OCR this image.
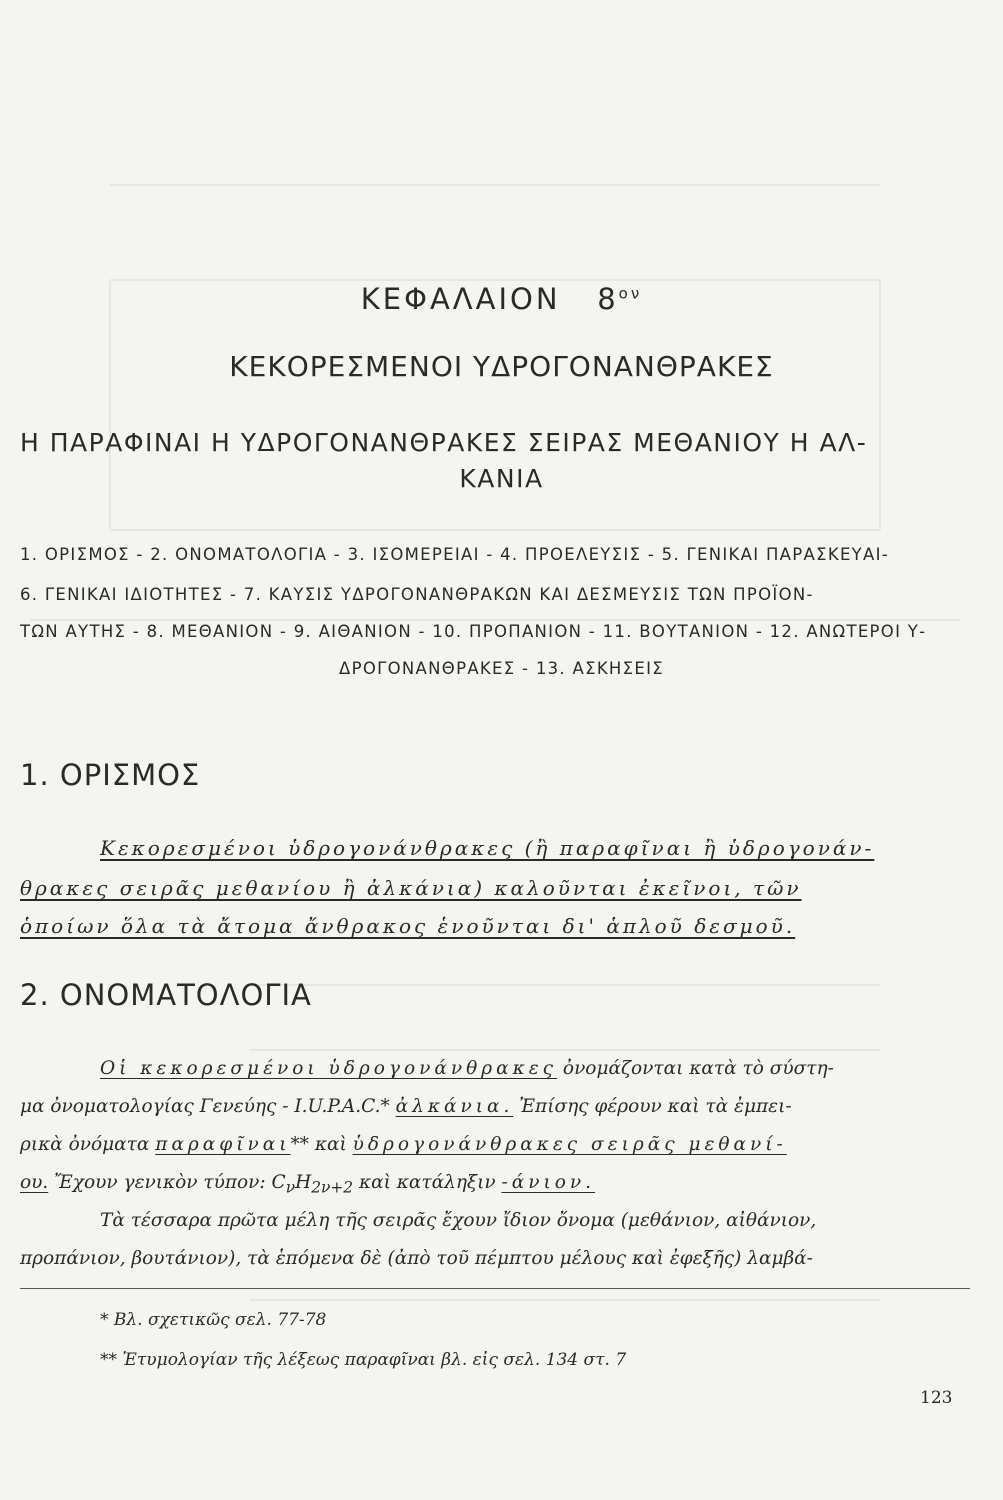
ΚΕΦΑΛΑΙΟΝ $8^{o\nu}$
ΚΕΚΟΡΕΣΜΕΝΟΙ ΥΔΡΟΓΟΝΑΝΘΡΑΚΕΣ
Η ΠΑΡΑΦΙΝΑΙ Η ΥΔΡΟΓΟΝΑΝΘΡΑΚΕΣ ΣΕΙΡΑΣ ΜΕΘΑΝΙΟΥ Η ΑΛ-
ΚΑΝΙΑ
1. ΟΡΙΣΜΟΣ - 2. ΟΝΟΜΑΤΟΛΟΓΙΑ - 3. ΙΣΟΜΕΡΕΙΑΙ - 4. ΠΡΟΕΛΕΥΣΙΣ - 5. ΓΕΝΙΚΑΙ ΠΑΡΑΣΚΕΥΑΙ-
6. ΓΕΝΙΚΑΙ ΙΔΙΟΤΗΤΕΣ - 7. ΚΑΥΣΙΣ ΥΔΡΟΓΟΝΑΝΘΡΑΚΩΝ ΚΑΙ ΔΕΣΜΕΥΣΙΣ ΤΩΝ ΠΡΟΪΟΝ-
ΤΩΝ ΑΥΤΗΣ - 8. ΜΕΘΑΝΙΟΝ - 9. ΑΙΘΑΝΙΟΝ - 10. ΠΡΟΠΑΝΙΟΝ - 11. ΒΟΥΤΑΝΙΟΝ - 12. ΑΝΩΤΕΡΟΙ Υ-
ΔΡΟΓΟΝΑΝΘΡΑΚΕΣ - 13. ΑΣΚΗΣΕΙΣ
1. ΟΡΙΣΜΟΣ
Κεκορεσμένοι ὑδρογονάνθρακες (ἢ παραφῖναι ἢ ὑδρογονάν-
θρακες σειρᾶς μεθανίου ἢ ἀλκάνια) καλοῦνται ἐκεῖνοι, τῶν
ὁποίων ὅλα τὰ ἄτομα ἄνθρακος ἑνοῦνται δι' ἁπλοῦ δεσμοῦ.
2. ΟΝΟΜΑΤΟΛΟΓΙΑ
Οἱ κεκορεσμένοι ὑδρογονάνθρακες ὀνομάζονται κατὰ τὸ σύστη-
μα ὀνοματολογίας Γενεύης - I.U.P.A.C.* ἀλκάνια. Ἐπίσης φέρουν καὶ τὰ ἐμπει-
ρικὰ ὀνόματα παραφῖναι** καὶ ὑδρογονάνθρακες σειρᾶς μεθανί-
ου. Ἔχουν γενικὸν τύπον: $C_\nu H_{2\nu+2}$ καὶ κατάληξιν -άνιον.
Τὰ τέσσαρα πρῶτα μέλη τῆς σειρᾶς ἔχουν ἴδιον ὄνομα (μεθάνιον, αἰθάνιον,
προπάνιον, βουτάνιον), τὰ ἑπόμενα δὲ (ἀπὸ τοῦ πέμπτου μέλους καὶ ἐφεξῆς) λαμβά-
* Βλ. σχετικῶς σελ. 77-78
** Ἐτυμολογίαν τῆς λέξεως παραφῖναι βλ. εἰς σελ. 134 στ. 7
123
